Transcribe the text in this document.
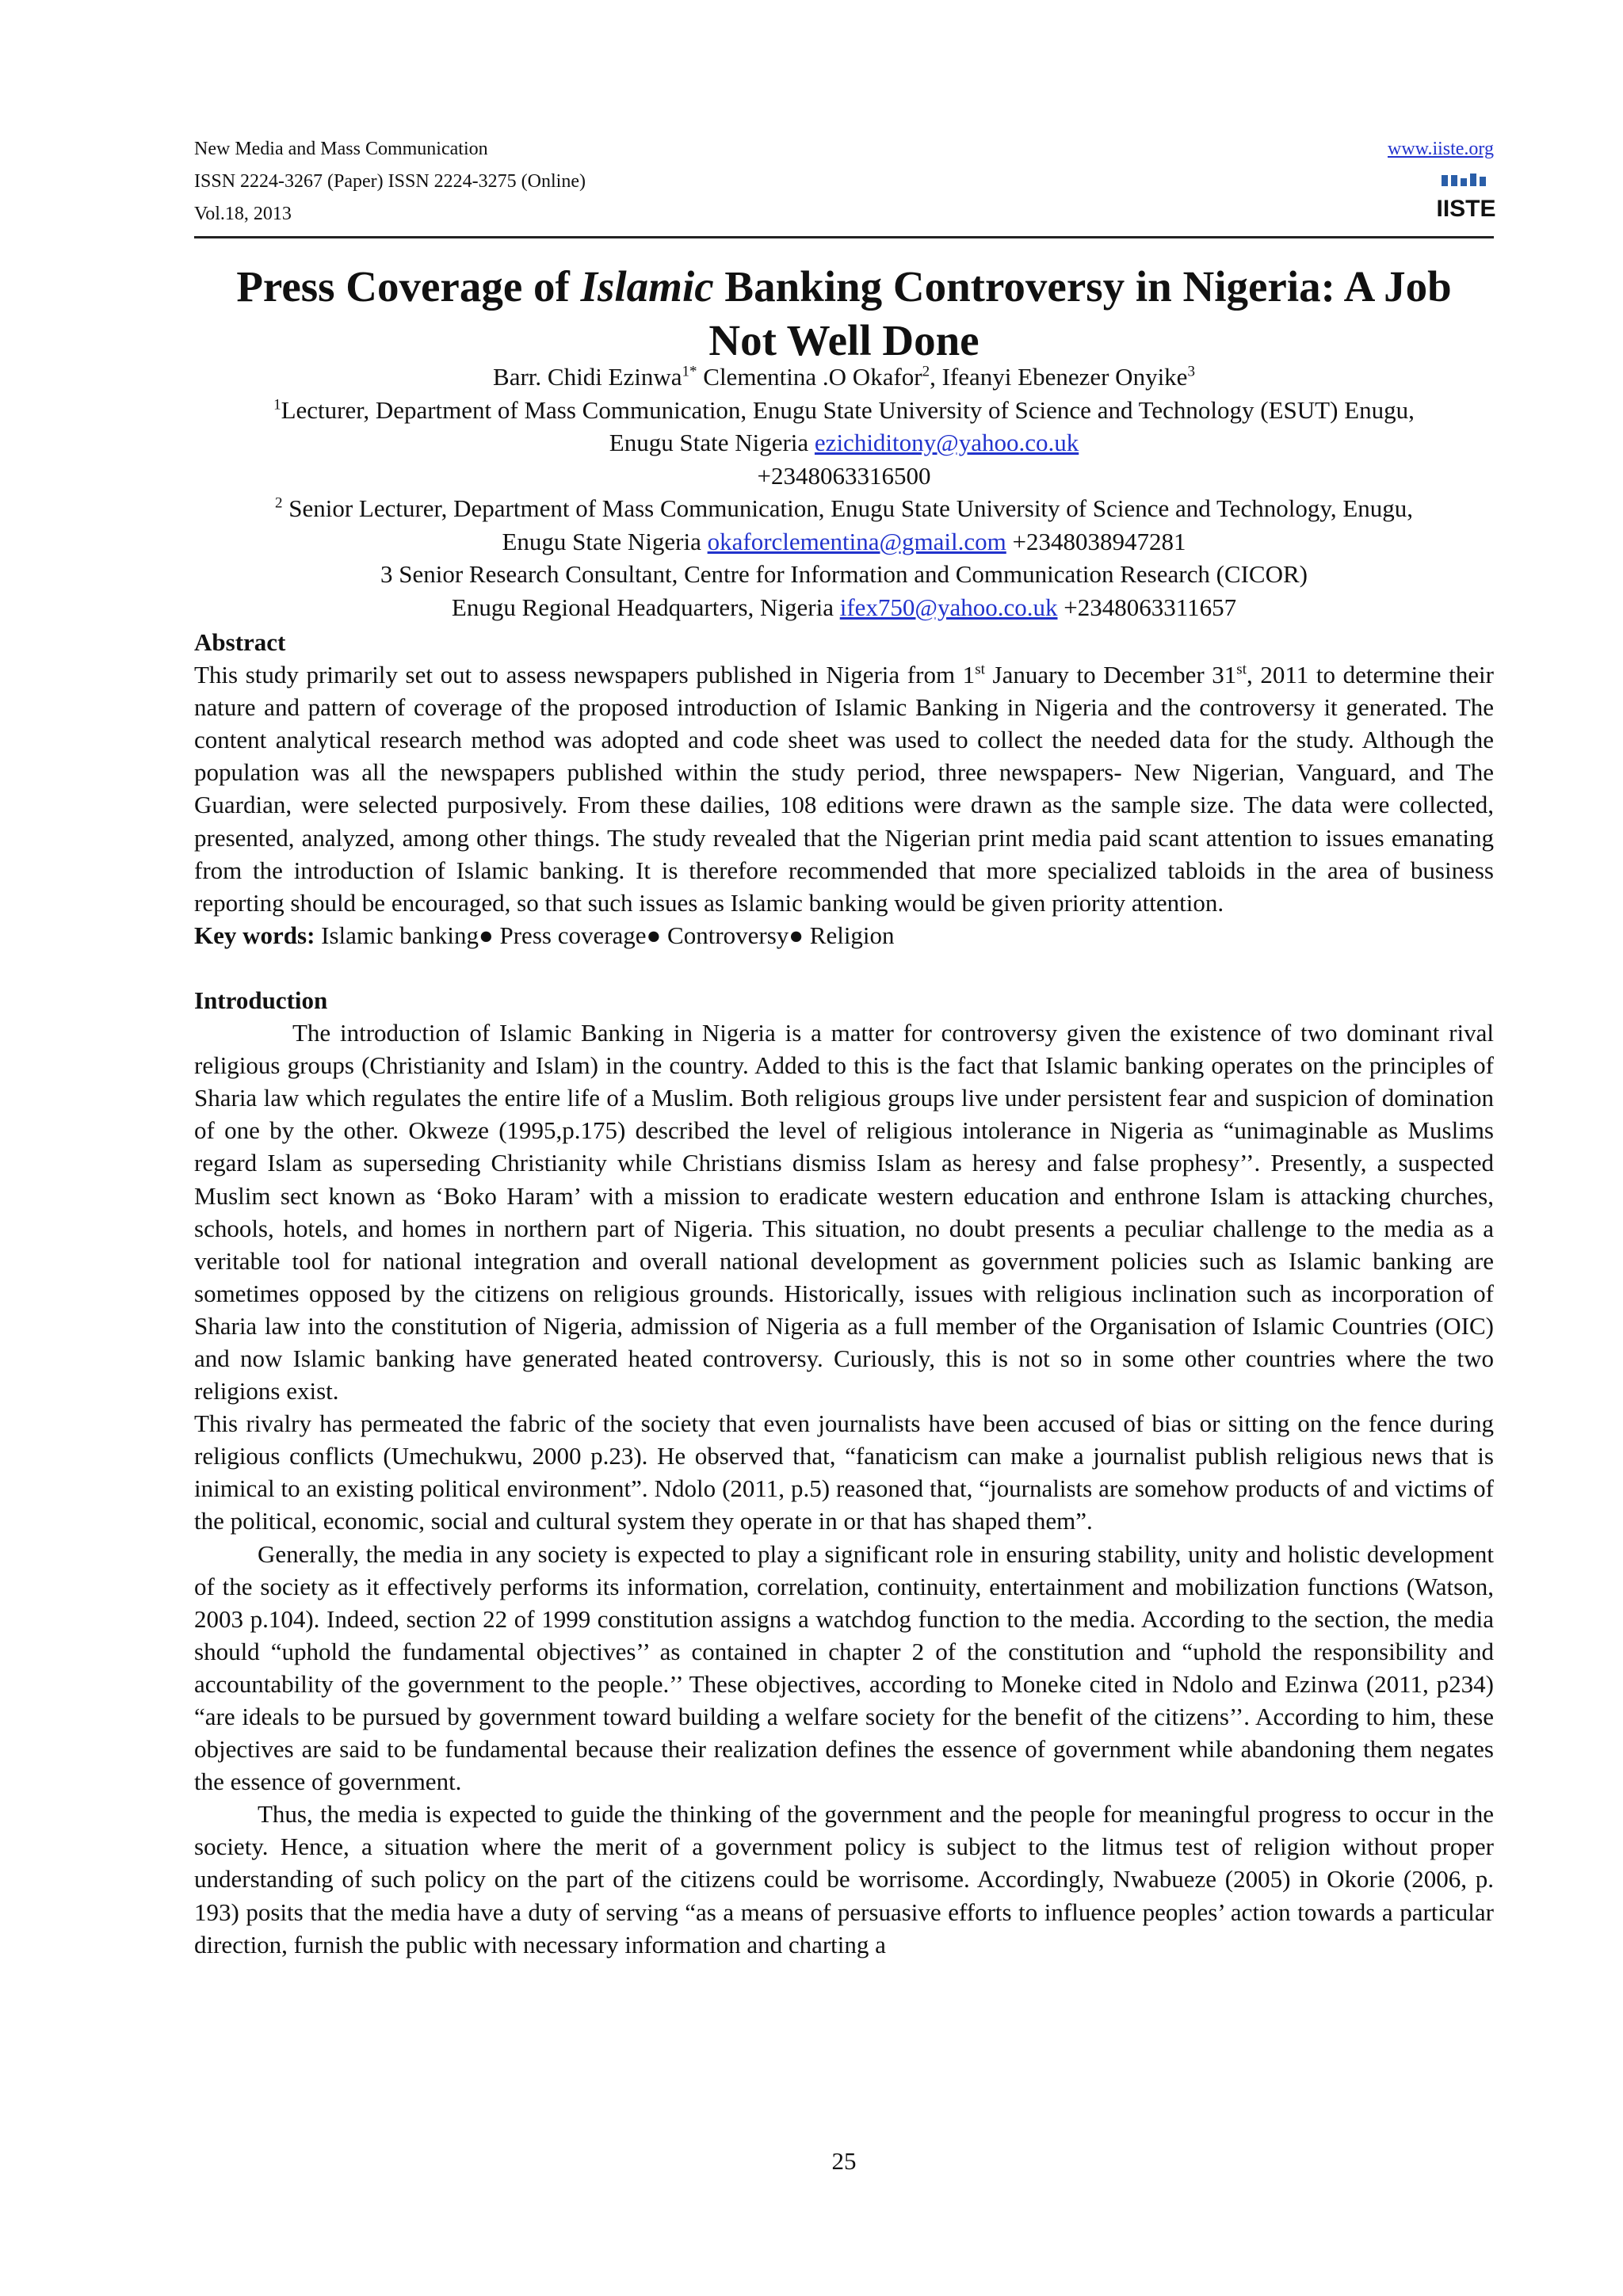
New Media and Mass Communication
ISSN 2224-3267 (Paper) ISSN 2224-3275 (Online)
Vol.18, 2013
www.iiste.org
IISTE
Press Coverage of Islamic Banking Controversy in Nigeria: A Job
Not Well Done

Barr. Chidi Ezinwa$^{1*}$ Clementina .O Okafor$^2$, Ifeanyi Ebenezer Onyike$^3$

$^1$Lecturer, Department of Mass Communication, Enugu State University of Science and Technology (ESUT) Enugu,

Enugu State Nigeria ezichiditony@yahoo.co.uk

+2348063316500

$^2$ Senior Lecturer, Department of Mass Communication, Enugu State University of Science and Technology, Enugu,

Enugu State Nigeria okaforclementina@gmail.com +2348038947281

3 Senior Research Consultant, Centre for Information and Communication Research (CICOR)

Enugu Regional Headquarters, Nigeria ifex750@yahoo.co.uk +2348063311657

Abstract

This study primarily set out to assess newspapers published in Nigeria from 1st January to December 31st, 2011 to determine their nature and pattern of coverage of the proposed introduction of Islamic Banking in Nigeria and the controversy it generated. The content analytical research method was adopted and code sheet was used to collect the needed data for the study. Although the population was all the newspapers published within the study period, three newspapers- New Nigerian, Vanguard, and The Guardian, were selected purposively. From these dailies, 108 editions were drawn as the sample size. The data were collected, presented, analyzed, among other things. The study revealed that the Nigerian print media paid scant attention to issues emanating from the introduction of Islamic banking. It is therefore recommended that more specialized tabloids in the area of business reporting should be encouraged, so that such issues as Islamic banking would be given priority attention.

Key words: Islamic banking● Press coverage● Controversy● Religion

Introduction

The introduction of Islamic Banking in Nigeria is a matter for controversy given the existence of two dominant rival religious groups (Christianity and Islam) in the country. Added to this is the fact that Islamic banking operates on the principles of Sharia law which regulates the entire life of a Muslim. Both religious groups live under persistent fear and suspicion of domination of one by the other. Okweze (1995,p.175) described the level of religious intolerance in Nigeria as “unimaginable as Muslims regard Islam as superseding Christianity while Christians dismiss Islam as heresy and false prophesy’’. Presently, a suspected Muslim sect known as ‘Boko Haram’ with a mission to eradicate western education and enthrone Islam is attacking churches, schools, hotels, and homes in northern part of Nigeria. This situation, no doubt presents a peculiar challenge to the media as a veritable tool for national integration and overall national development as government policies such as Islamic banking are sometimes opposed by the citizens on religious grounds. Historically, issues with religious inclination such as incorporation of Sharia law into the constitution of Nigeria, admission of Nigeria as a full member of the Organisation of Islamic Countries (OIC) and now Islamic banking have generated heated controversy. Curiously, this is not so in some other countries where the two religions exist.

This rivalry has permeated the fabric of the society that even journalists have been accused of bias or sitting on the fence during religious conflicts (Umechukwu, 2000 p.23). He observed that, “fanaticism can make a journalist publish religious news that is inimical to an existing political environment”. Ndolo (2011, p.5) reasoned that, “journalists are somehow products of and victims of the political, economic, social and cultural system they operate in or that has shaped them”.

Generally, the media in any society is expected to play a significant role in ensuring stability, unity and holistic development of the society as it effectively performs its information, correlation, continuity, entertainment and mobilization functions (Watson, 2003 p.104). Indeed, section 22 of 1999 constitution assigns a watchdog function to the media. According to the section, the media should “uphold the fundamental objectives’’ as contained in chapter 2 of the constitution and “uphold the responsibility and accountability of the government to the people.’’ These objectives, according to Moneke cited in Ndolo and Ezinwa (2011, p234) “are ideals to be pursued by government toward building a welfare society for the benefit of the citizens’’. According to him, these objectives are said to be fundamental because their realization defines the essence of government while abandoning them negates the essence of government.

Thus, the media is expected to guide the thinking of the government and the people for meaningful progress to occur in the society. Hence, a situation where the merit of a government policy is subject to the litmus test of religion without proper understanding of such policy on the part of the citizens could be worrisome. Accordingly, Nwabueze (2005) in Okorie (2006, p. 193) posits that the media have a duty of serving “as a means of persuasive efforts to influence peoples’ action towards a particular direction, furnish the public with necessary information and charting a

25
